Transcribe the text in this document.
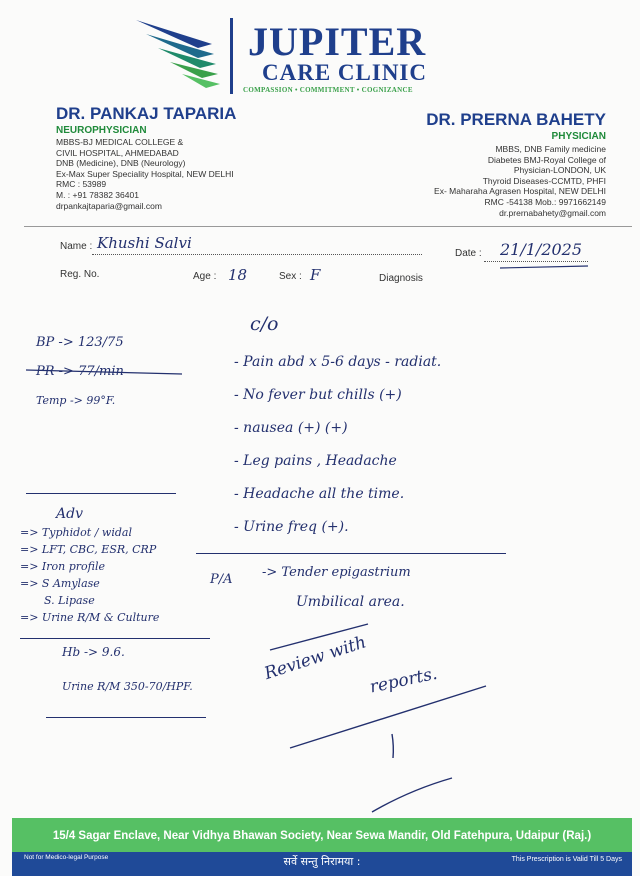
JUPITER
CARE CLINIC
COMPASSION • COMMITMENT • COGNIZANCE
DR. PANKAJ TAPARIA
NEUROPHYSICIAN
MBBS-BJ MEDICAL COLLEGE &
CIVIL HOSPITAL, AHMEDABAD
DNB (Medicine), DNB (Neurology)
Ex-Max Super Speciality Hospital, NEW DELHI
RMC : 53989
M. : +91 78382 36401
drpankajtaparia@gmail.com
DR. PRERNA BAHETY
PHYSICIAN
MBBS, DNB Family medicine
Diabetes BMJ-Royal College of
Physician-LONDON, UK
Thyroid Diseases-CCMTD, PHFI
Ex- Maharaha Agrasen Hospital, NEW DELHI
RMC -54138 Mob.: 9971662149
dr.prernabahety@gmail.com
Name : Khushi Salvi
Date : 21/1/2025
Reg. No.	Age : 18	Sex : F	Diagnosis
BP -> 123/75
PR -> 77/min
Temp -> 99°F.
c/o
- Pain abd x 5-6 days - radiat.
- No fever but chills (+)
- nausea (+) (+)
- Leg pains , Headache
- Headache all the time.
- Urine freq (+).
Adv
=> Typhidot / widal
=> LFT, CBC, ESR, CRP
=> Iron profile
=> S Amylase
S. Lipase
=> Urine R/M & Culture
Hb -> 9.6.
Urine R/M 350-70/HPF.
P/A -> Tender epigastrium
Umbilical area.
Review with reports.
15/4 Sagar Enclave, Near Vidhya Bhawan Society, Near Sewa Mandir, Old Fatehpura, Udaipur (Raj.)
Not for Medico-legal Purpose	सर्वे सन्तु निरामया :	This Prescription is Valid Till 5 Days
